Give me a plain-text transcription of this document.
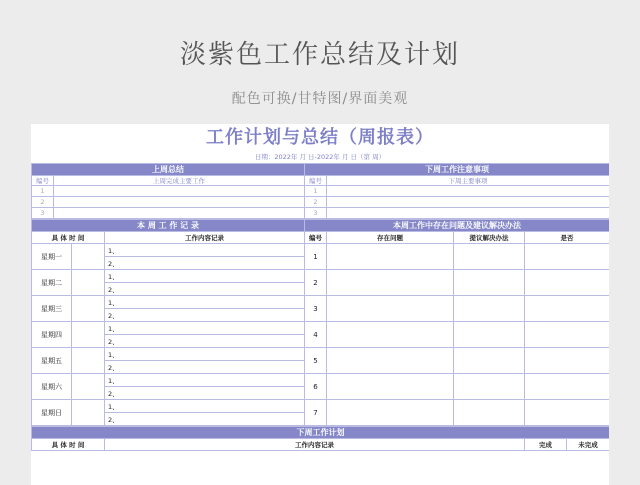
淡紫色工作总结及计划
配色可换/甘特图/界面美观
工作计划与总结（周报表）
日期：2022年 月 日-2022年 月 日（第 周）
上周总结		下周工作注意事项	
编号	上周完成主要工作	编号	下周主要事项
1		1	
2		2	
3		3	
本 周 工 作 记 录			本周工作中存在问题及建议解决办法			
具 体 时 间		工作内容记录	编号	存在问题	提议解决办法	是否
星期一		1、	1			
		2、				
星期二		1、	2			
		2、				
星期三		1、	3			
		2、				
星期四		1、	4			
		2、				
星期五		1、	5			
		2、				
星期六		1、	6			
		2、				
星期日		1、	7			
		2、				
下周工作计划
具 体 时 间	工作内容记录	完成	未完成
